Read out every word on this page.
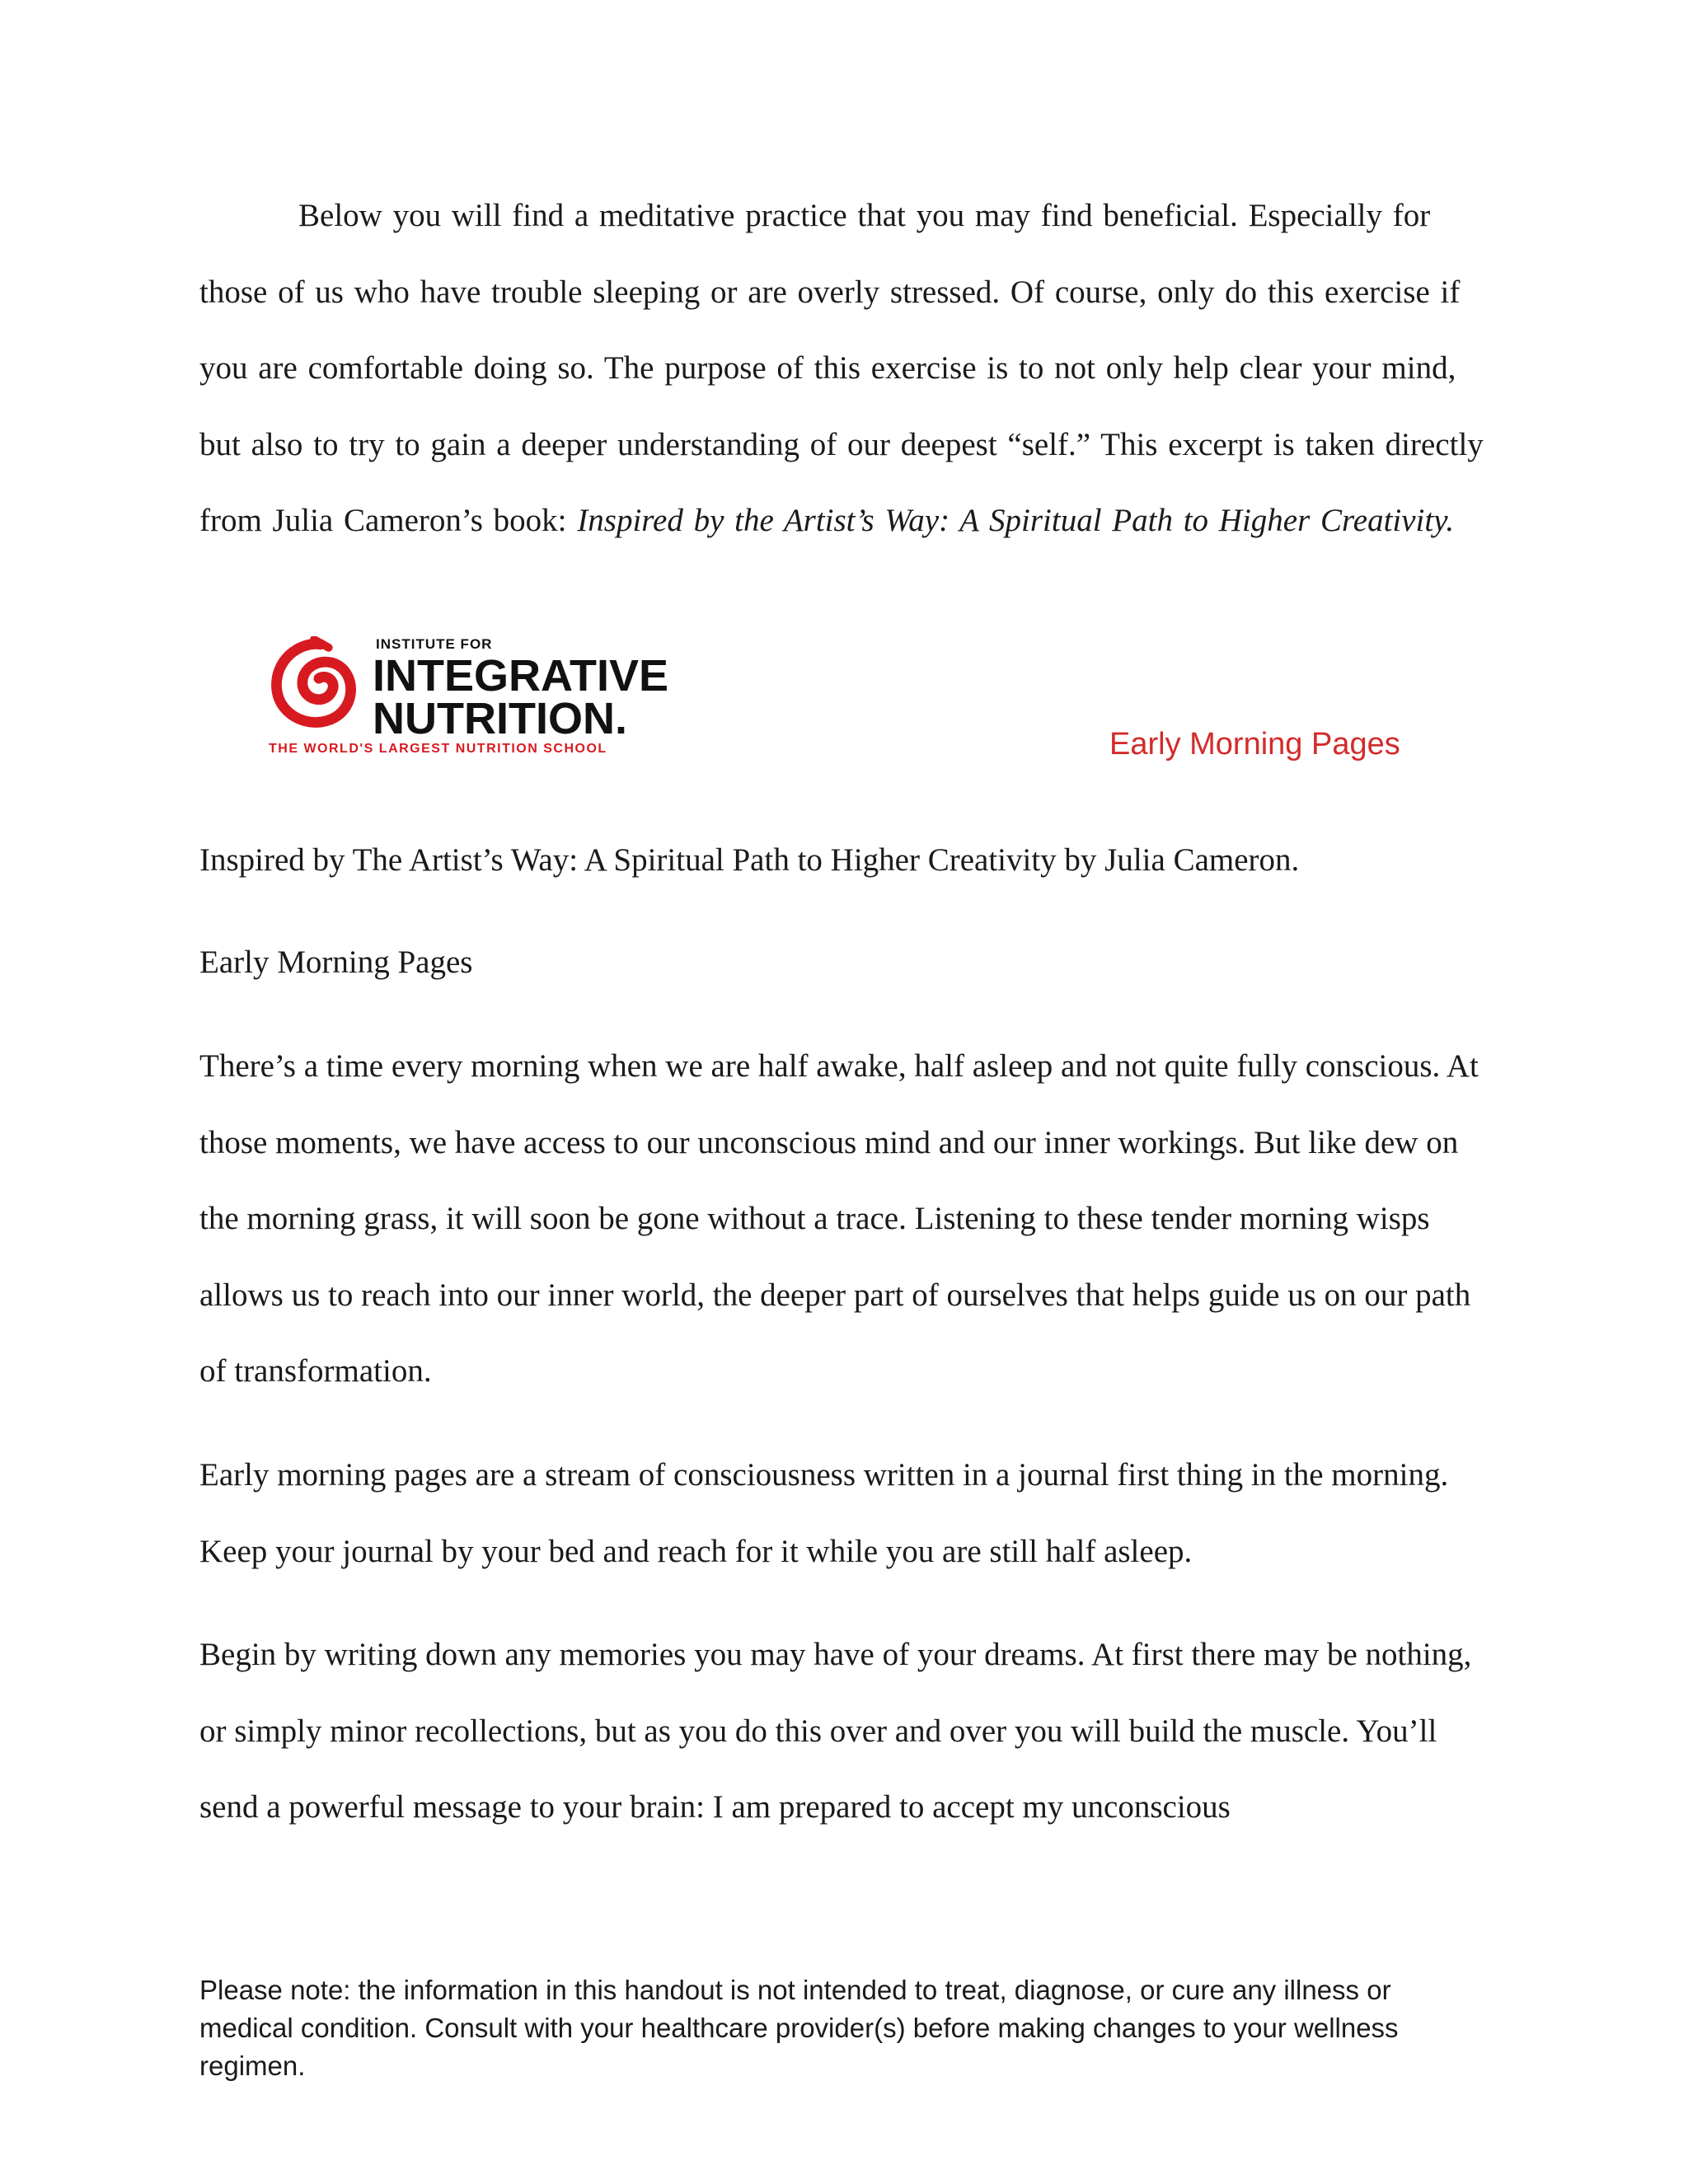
Below you will find a meditative practice that you may find beneficial. Especially for those of us who have trouble sleeping or are overly stressed. Of course, only do this exercise if you are comfortable doing so. The purpose of this exercise is to not only help clear your mind, but also to try to gain a deeper understanding of our deepest “self.” This excerpt is taken directly from Julia Cameron’s book: Inspired by the Artist’s Way: A Spiritual Path to Higher Creativity.

INSTITUTE FOR
INTEGRATIVE
NUTRITION.
THE WORLD'S LARGEST NUTRITION SCHOOL	Early Morning Pages

Inspired by The Artist’s Way: A Spiritual Path to Higher Creativity by Julia Cameron.

Early Morning Pages

There’s a time every morning when we are half awake, half asleep and not quite fully conscious. At those moments, we have access to our unconscious mind and our inner workings. But like dew on the morning grass, it will soon be gone without a trace. Listening to these tender morning wisps allows us to reach into our inner world, the deeper part of ourselves that helps guide us on our path of transformation.

Early morning pages are a stream of consciousness written in a journal first thing in the morning. Keep your journal by your bed and reach for it while you are still half asleep.

Begin by writing down any memories you may have of your dreams. At first there may be nothing, or simply minor recollections, but as you do this over and over you will build the muscle. You’ll send a powerful message to your brain: I am prepared to accept my unconscious

Please note: the information in this handout is not intended to treat, diagnose, or cure any illness or medical condition. Consult with your healthcare provider(s) before making changes to your wellness regimen.
